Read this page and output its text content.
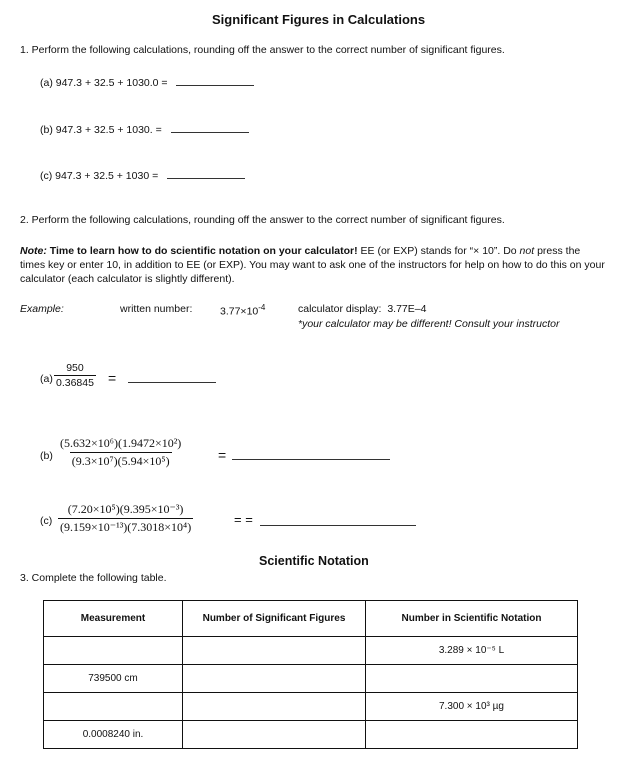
Significant Figures in Calculations
1. Perform the following calculations, rounding off the answer to the correct number of significant figures.
(a) 947.3 + 32.5 + 1030.0 =
(b) 947.3 + 32.5 + 1030. =
(c) 947.3 + 32.5 + 1030 =
2. Perform the following calculations, rounding off the answer to the correct number of significant figures.
Note: Time to learn how to do scientific notation on your calculator! EE (or EXP) stands for “× 10”. Do not press the times key or enter 10, in addition to EE (or EXP). You may want to ask one of the instructors for help on how to do this on your calculator (each calculator is slightly different).
Example:	written number:	$3.77\times 10^{-4}$	calculator display: 3.77E–4
*your calculator may be different! Consult your instructor
$(a) \frac{950}{0.36845}$ =
$(b) \frac{\text{(5.632×10⁶)(1.9472×10²)}}{\text{(9.3×10⁷)(5.94×10⁵)}}$ =
$(c) \frac{\text{(7.20×10⁵)(9.395×10⁻³)}}{\text{(9.159×10⁻¹³)(7.3018×10⁴)}}$	= =
Scientific Notation
3. Complete the following table.
Measurement	Number of Significant Figures	Number in Scientific Notation
		3.289 × 10⁻⁵ L
739500 cm		
		7.300 × 10³ µg
0.0008240 in.		
